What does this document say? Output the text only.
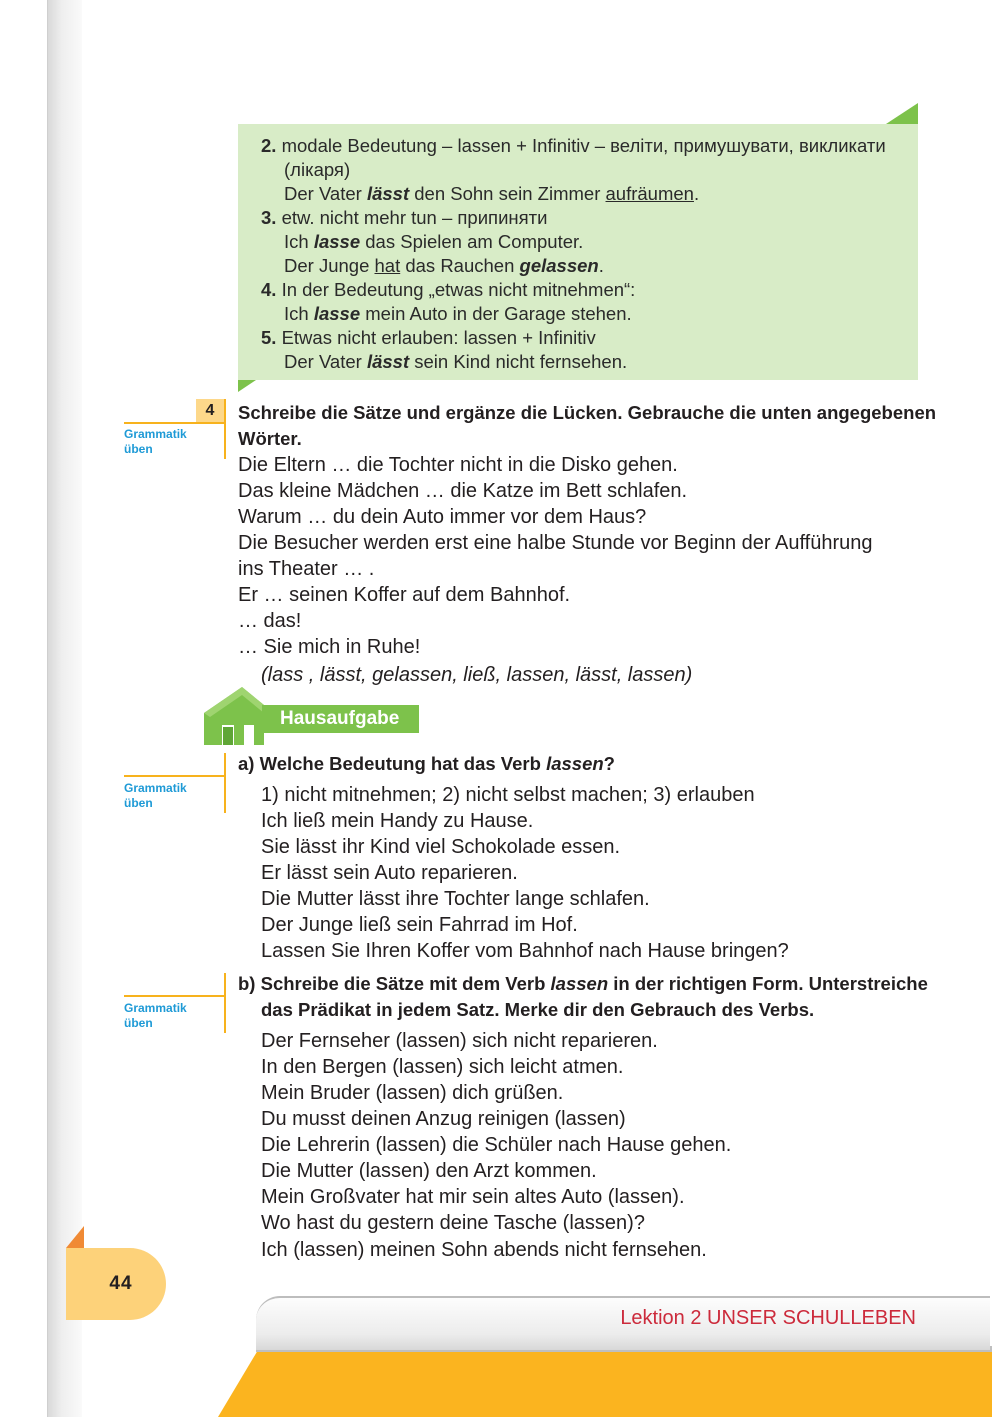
2. modale Bedeutung – lassen + Infinitiv – веліти, примушувати, викликати
(лікаря)
Der Vater lässt den Sohn sein Zimmer aufräumen.
3. etw. nicht mehr tun – припиняти
Ich lasse das Spielen am Computer.
Der Junge hat das Rauchen gelassen.
4. In der Bedeutung „etwas nicht mitnehmen“:
Ich lasse mein Auto in der Garage stehen.
5. Etwas nicht erlauben: lassen + Infinitiv
Der Vater lässt sein Kind nicht fernsehen.
4
Grammatik
üben
Schreibe die Sätze und ergänze die Lücken. Gebrauche die unten angegebenen
Wörter.
Die Eltern … die Tochter nicht in die Disko gehen.
Das kleine Mädchen … die Katze im Bett schlafen.
Warum … du dein Auto immer vor dem Haus?
Die Besucher werden erst eine halbe Stunde vor Beginn der Aufführung
ins Theater … .
Er … seinen Koffer auf dem Bahnhof.
… das!
… Sie mich in Ruhe!
(lass , lässt, gelassen, ließ, lassen, lässt, lassen)
Hausaufgabe
Grammatik
üben
a) Welche Bedeutung hat das Verb lassen?
1) nicht mitnehmen; 2) nicht selbst machen; 3) erlauben
Ich ließ mein Handy zu Hause.
Sie lässt ihr Kind viel Schokolade essen.
Er lässt sein Auto reparieren.
Die Mutter lässt ihre Tochter lange schlafen.
Der Junge ließ sein Fahrrad im Hof.
Lassen Sie Ihren Koffer vom Bahnhof nach Hause bringen?
Grammatik
üben
b) Schreibe die Sätze mit dem Verb lassen in der richtigen Form. Unterstreiche
das Prädikat in jedem Satz. Merke dir den Gebrauch des Verbs.
Der Fernseher (lassen) sich nicht reparieren.
In den Bergen (lassen) sich leicht atmen.
Mein Bruder (lassen) dich grüßen.
Du musst deinen Anzug reinigen (lassen)
Die Lehrerin (lassen) die Schüler nach Hause gehen.
Die Mutter (lassen) den Arzt kommen.
Mein Großvater hat mir sein altes Auto (lassen).
Wo hast du gestern deine Tasche (lassen)?
Ich (lassen) meinen Sohn abends nicht fernsehen.
44
Lektion 2 UNSER SCHULLEBEN
